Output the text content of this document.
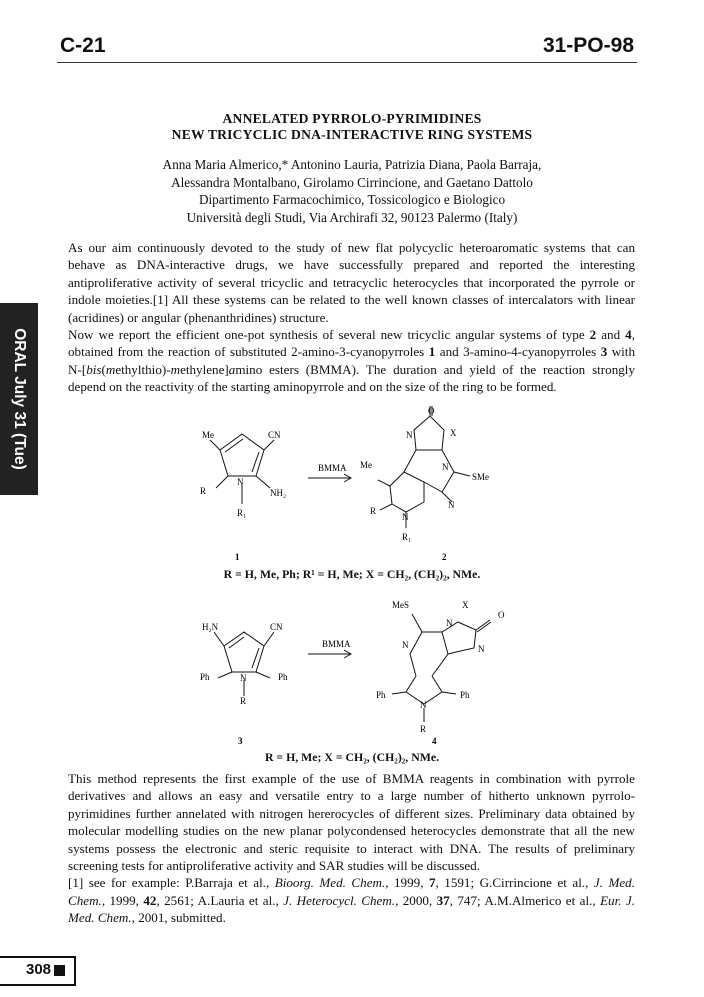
C-21	31-PO-98
ORAL July 31 (Tue)
ANNELATED PYRROLO-PYRIMIDINES
NEW TRICYCLIC DNA-INTERACTIVE RING SYSTEMS
Anna Maria Almerico,* Antonino Lauria, Patrizia Diana, Paola Barraja,
Alessandra Montalbano, Girolamo Cirrincione, and Gaetano Dattolo
Dipartimento Farmacochimico, Tossicologico e Biologico
Università degli Studi, Via Archirafi 32, 90123 Palermo (Italy)
As our aim continuously devoted to the study of new flat polycyclic heteroaromatic systems that can behave as DNA-interactive drugs, we have successfully prepared and reported the interesting antiproliferative activity of several tricyclic and tetracyclic heterocycles that incorporated the pyrrole or indole moieties.[1] All these systems can be related to the well known classes of intercalators with linear (acridines) or angular (phenanthridines) structure.
Now we report the efficient one-pot synthesis of several new tricyclic angular systems of type 2 and 4, obtained from the reaction of substituted 2-amino-3-cyanopyrroles 1 and 3-amino-4-cyanopyrroles 3 with N-[bis(methylthio)-methylene]amino esters (BMMA). The duration and yield of the reaction strongly depend on the reactivity of the starting aminopyrrole and on the size of the ring to be formed.
Me	CN
R
N
NH₂
R₁
BMMA
O
N	X
N
Me
SMe
N
R
N
R₁
1	2
R = H, Me, Ph; R¹ = H, Me; X = CH₂, (CH₂)₂, NMe.
H₂N	CN
Ph	N	Ph
R
BMMA
MeS
N
X
O
N	N
Ph
N
Ph
R
3	4
R = H, Me; X = CH₂, (CH₂)₂, NMe.
This method represents the first example of the use of BMMA reagents in combination with pyrrole derivatives and allows an easy and versatile entry to a large number of hitherto unknown pyrrolo-pyrimidines further annelated with nitrogen hererocycles of different sizes. Preliminary data obtained by molecular modelling studies on the new planar polycondensed heterocycles demonstrate that all the new systems possess the electronic and steric requisite to interact with DNA. The results of preliminary screening tests for antiproliferative activity and SAR studies will be discussed.
[1] see for example: P.Barraja et al., Bioorg. Med. Chem., 1999, 7, 1591; G.Cirrincione et al., J. Med. Chem., 1999, 42, 2561; A.Lauria et al., J. Heterocycl. Chem., 2000, 37, 747; A.M.Almerico et al., Eur. J. Med. Chem., 2001, submitted.
308
